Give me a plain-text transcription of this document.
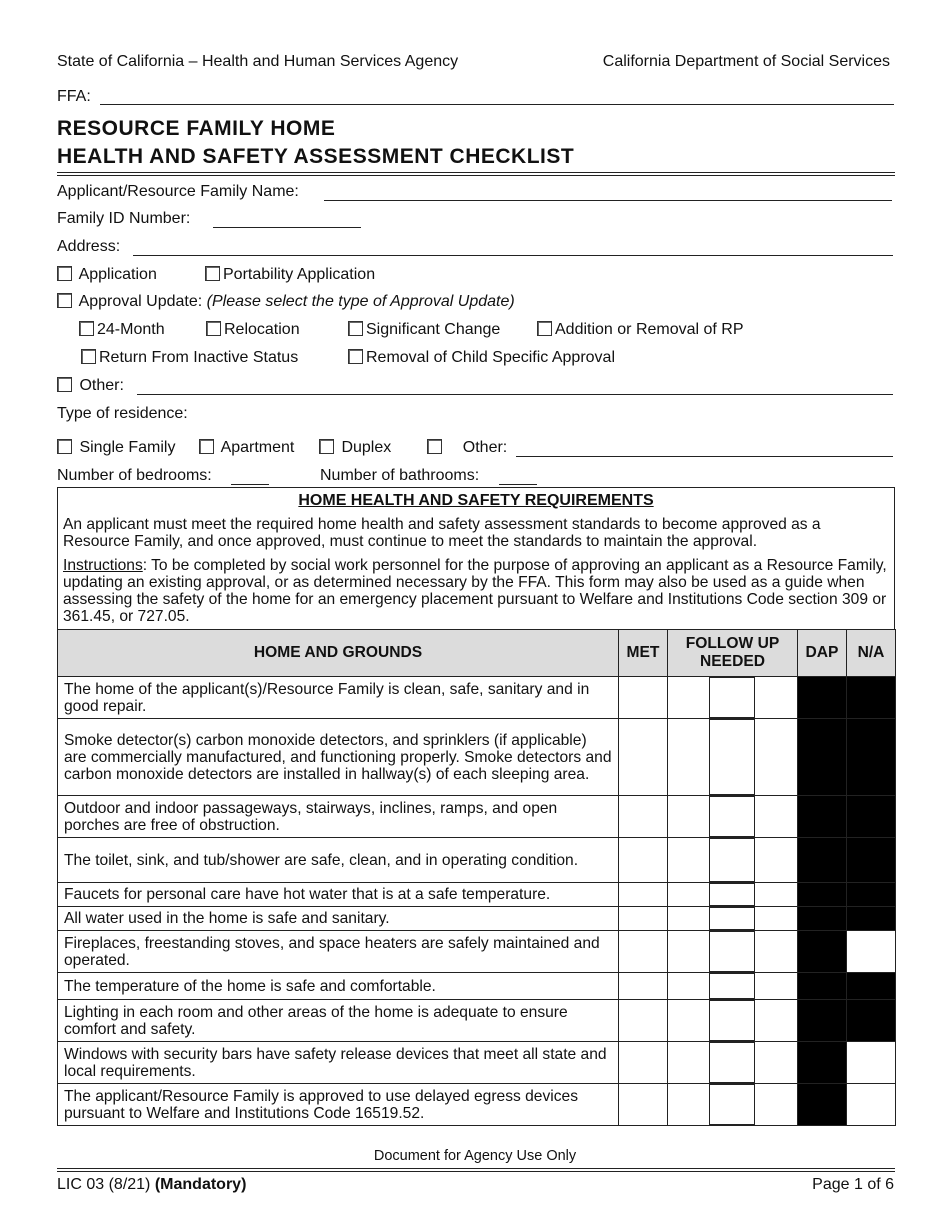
State of California – Health and Human Services Agency	California Department of Social Services
FFA:
RESOURCE FAMILY HOME
HEALTH AND SAFETY ASSESSMENT CHECKLIST
Applicant/Resource Family Name:
Family ID Number:
Address:
Application	Portability Application
Approval Update: (Please select the type of Approval Update)
24-Month	Relocation	Significant Change	Addition or Removal of RP
Return From Inactive Status	Removal of Child Specific Approval
Other:
Type of residence:
Single Family	Apartment	Duplex	Other:
Number of bedrooms:	Number of bathrooms:
HOME HEALTH AND SAFETY REQUIREMENTS
An applicant must meet the required home health and safety assessment standards to become approved as a Resource Family, and once approved, must continue to meet the standards to maintain the approval.
Instructions: To be completed by social work personnel for the purpose of approving an applicant as a Resource Family, updating an existing approval, or as determined necessary by the FFA. This form may also be used as a guide when assessing the safety of the home for an emergency placement pursuant to Welfare and Institutions Code section 309 or 361.45, or 727.05.
HOME AND GROUNDS	MET	FOLLOW UP NEEDED	DAP	N/A
The home of the applicant(s)/Resource Family is clean, safe, sanitary and in good repair.		

Smoke detector(s) carbon monoxide detectors, and sprinklers (if applicable) are commercially manufactured, and functioning properly. Smoke detectors and carbon monoxide detectors are installed in hallway(s) of each sleeping area.		

Outdoor and indoor passageways, stairways, inclines, ramps, and open porches are free of obstruction.		

The toilet, sink, and tub/shower are safe, clean, and in operating condition.		

Faucets for personal care have hot water that is at a safe temperature.		

All water used in the home is safe and sanitary.		

Fireplaces, freestanding stoves, and space heaters are safely maintained and operated.		

The temperature of the home is safe and comfortable.		

Lighting in each room and other areas of the home is adequate to ensure comfort and safety.		

Windows with security bars have safety release devices that meet all state and local requirements.		

The applicant/Resource Family is approved to use delayed egress devices pursuant to Welfare and Institutions Code 16519.52.		

Document for Agency Use Only
LIC 03 (8/21) (Mandatory)	Page 1 of 6
